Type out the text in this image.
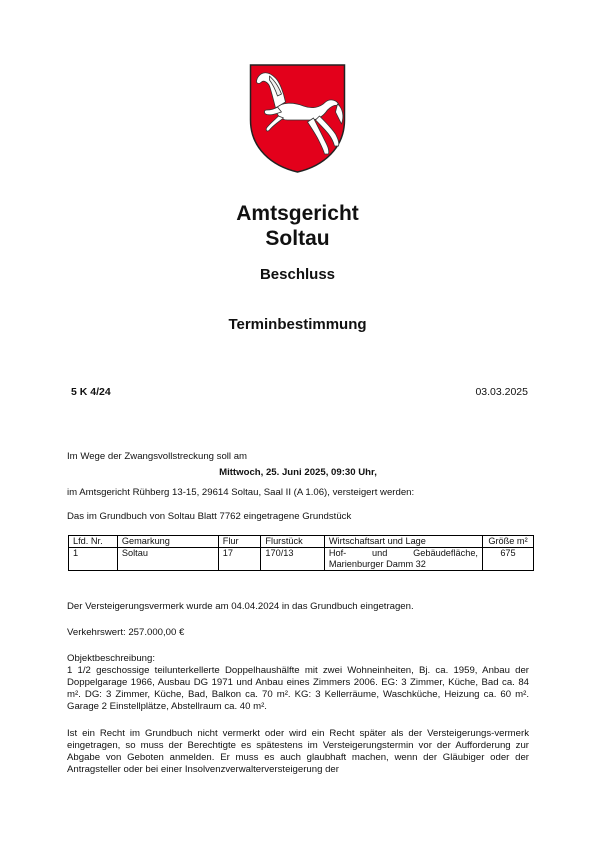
Amtsgericht
Soltau
Beschluss
Terminbestimmung
5 K 4/24	03.03.2025
Im Wege der Zwangsvollstreckung soll am
Mittwoch, 25. Juni 2025, 09:30 Uhr,
im Amtsgericht Rühberg 13-15, 29614 Soltau, Saal II (A 1.06), versteigert werden:
Das im Grundbuch von Soltau Blatt 7762 eingetragene Grundstück
Lfd. Nr.	Gemarkung	Flur	Flurstück	Wirtschaftsart und Lage	Größe m²
1	Soltau	17	170/13	Hof- und Gebäudefläche, Marienburger Damm 32	675
Der Versteigerungsvermerk wurde am 04.04.2024 in das Grundbuch eingetragen.
Verkehrswert: 257.000,00 €
Objektbeschreibung:
1 1/2 geschossige teilunterkellerte Doppelhaushälfte mit zwei Wohneinheiten, Bj. ca. 1959, Anbau der Doppelgarage 1966, Ausbau DG 1971 und Anbau eines Zimmers 2006. EG: 3 Zimmer, Küche, Bad ca. 84 m². DG: 3 Zimmer, Küche, Bad, Balkon ca. 70 m². KG: 3 Kellerräume, Waschküche, Heizung ca. 60 m². Garage 2 Einstellplätze, Abstellraum ca. 40 m².
Ist ein Recht im Grundbuch nicht vermerkt oder wird ein Recht später als der Versteigerungs-vermerk eingetragen, so muss der Berechtigte es spätestens im Versteigerungstermin vor der Aufforderung zur Abgabe von Geboten anmelden. Er muss es auch glaubhaft machen, wenn der Gläubiger oder der Antragsteller oder bei einer Insolvenzverwalterversteigerung der
